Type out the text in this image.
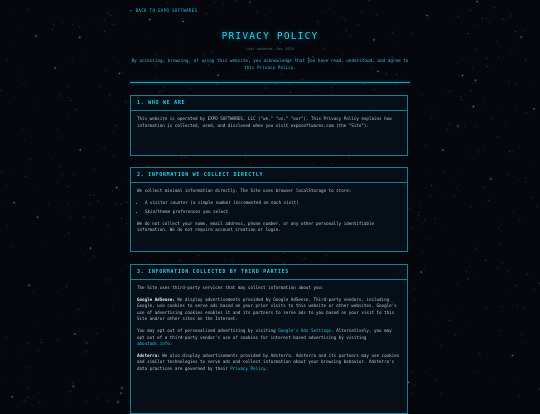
← BACK TO EXPO SOFTWARES
PRIVACY POLICY
Last updated: Dec 2025
By accessing, browsing, or using this website, you acknowledge that you have read, understood, and agree to this Privacy Policy.
1. WHO WE ARE

This website is operated by EXPO SOFTWARES, LLC ("we," "us," "our"). This Privacy Policy explains how information is collected, used, and disclosed when you visit exposoftwares.com (the "Site").

2. INFORMATION WE COLLECT DIRECTLY

We collect minimal information directly. The Site uses browser localStorage to store:

• A visitor counter (a simple number incremented on each visit)
• Skin/theme preferences you select

We do not collect your name, email address, phone number, or any other personally identifiable information. We do not require account creation or login.

3. INFORMATION COLLECTED BY THIRD PARTIES

The Site uses third-party services that may collect information about you:

Google AdSense: We display advertisements provided by Google AdSense. Third-party vendors, including Google, use cookies to serve ads based on your prior visits to this website or other websites. Google's use of advertising cookies enables it and its partners to serve ads to you based on your visit to this Site and/or other sites on the Internet.

You may opt out of personalized advertising by visiting Google's Ads Settings. Alternatively, you may opt out of a third-party vendor's use of cookies for interest-based advertising by visiting aboutads.info.

Adsterra: We also display advertisements provided by Adsterra. Adsterra and its partners may use cookies and similar technologies to serve ads and collect information about your browsing behavior. Adsterra's data practices are governed by their Privacy Policy.
